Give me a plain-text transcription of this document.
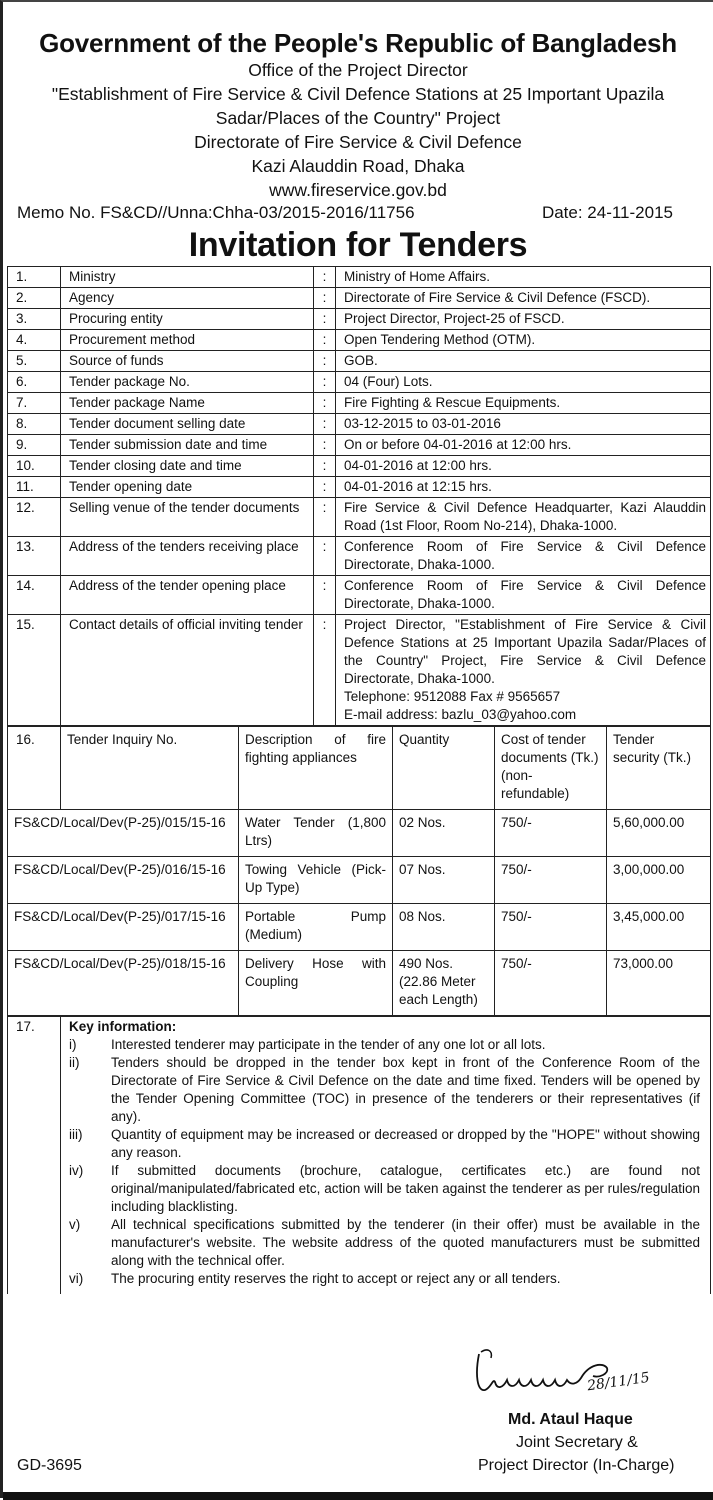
Government of the People's Republic of Bangladesh
Office of the Project Director
"Establishment of Fire Service & Civil Defence Stations at 25 Important Upazila
Sadar/Places of the Country" Project
Directorate of Fire Service & Civil Defence
Kazi Alauddin Road, Dhaka
www.fireservice.gov.bd
Memo No. FS&CD//Unna:Chha-03/2015-2016/11756	Date: 24-11-2015
Invitation for Tenders
1.	Ministry	:	Ministry of Home Affairs.
2.	Agency	:	Directorate of Fire Service & Civil Defence (FSCD).
3.	Procuring entity	:	Project Director, Project-25 of FSCD.
4.	Procurement method	:	Open Tendering Method (OTM).
5.	Source of funds	:	GOB.
6.	Tender package No.	:	04 (Four) Lots.
7.	Tender package Name	:	Fire Fighting & Rescue Equipments.
8.	Tender document selling date	:	03-12-2015 to 03-01-2016
9.	Tender submission date and time	:	On or before 04-01-2016 at 12:00 hrs.
10.	Tender closing date and time	:	04-01-2016 at 12:00 hrs.
11.	Tender opening date	:	04-01-2016 at 12:15 hrs.
12.	Selling venue of the tender documents	:	Fire Service & Civil Defence Headquarter, Kazi Alauddin Road (1st Floor, Room No-214), Dhaka-1000.
13.	Address of the tenders receiving place	:	Conference Room of Fire Service & Civil Defence Directorate, Dhaka-1000.
14.	Address of the tender opening place	:	Conference Room of Fire Service & Civil Defence Directorate, Dhaka-1000.
15.	Contact details of official inviting tender	:	Project Director, "Establishment of Fire Service & Civil Defence Stations at 25 Important Upazila Sadar/Places of the Country" Project, Fire Service & Civil Defence Directorate, Dhaka-1000.
Telephone: 9512088 Fax # 9565657
E-mail address: bazlu_03@yahoo.com
16.	Tender Inquiry No.	Description of fire fighting appliances	Quantity	Cost of tender documents (Tk.) (non-refundable)	Tender security (Tk.)
FS&CD/Local/Dev(P-25)/015/15-16		Water Tender (1,800 Ltrs)	02 Nos.	750/-	5,60,000.00
FS&CD/Local/Dev(P-25)/016/15-16		Towing Vehicle (Pick-Up Type)	07 Nos.	750/-	3,00,000.00
FS&CD/Local/Dev(P-25)/017/15-16		Portable Pump (Medium)	08 Nos.	750/-	3,45,000.00
FS&CD/Local/Dev(P-25)/018/15-16		Delivery Hose with Coupling	490 Nos. (22.86 Meter each Length)	750/-	73,000.00
17.	Key information:
i)	Interested tenderer may participate in the tender of any one lot or all lots.
ii)	Tenders should be dropped in the tender box kept in front of the Conference Room of the Directorate of Fire Service & Civil Defence on the date and time fixed. Tenders will be opened by the Tender Opening Committee (TOC) in presence of the tenderers or their representatives (if any).
iii)	Quantity of equipment may be increased or decreased or dropped by the "HOPE" without showing any reason.
iv)	If submitted documents (brochure, catalogue, certificates etc.) are found not original/manipulated/fabricated etc, action will be taken against the tenderer as per rules/regulation including blacklisting.
v)	All technical specifications submitted by the tenderer (in their offer) must be available in the manufacturer's website. The website address of the quoted manufacturers must be submitted along with the technical offer.
vi)	The procuring entity reserves the right to accept or reject any or all tenders.
28/11/15
Md. Ataul Haque
Joint Secretary &
Project Director (In-Charge)
GD-3695
